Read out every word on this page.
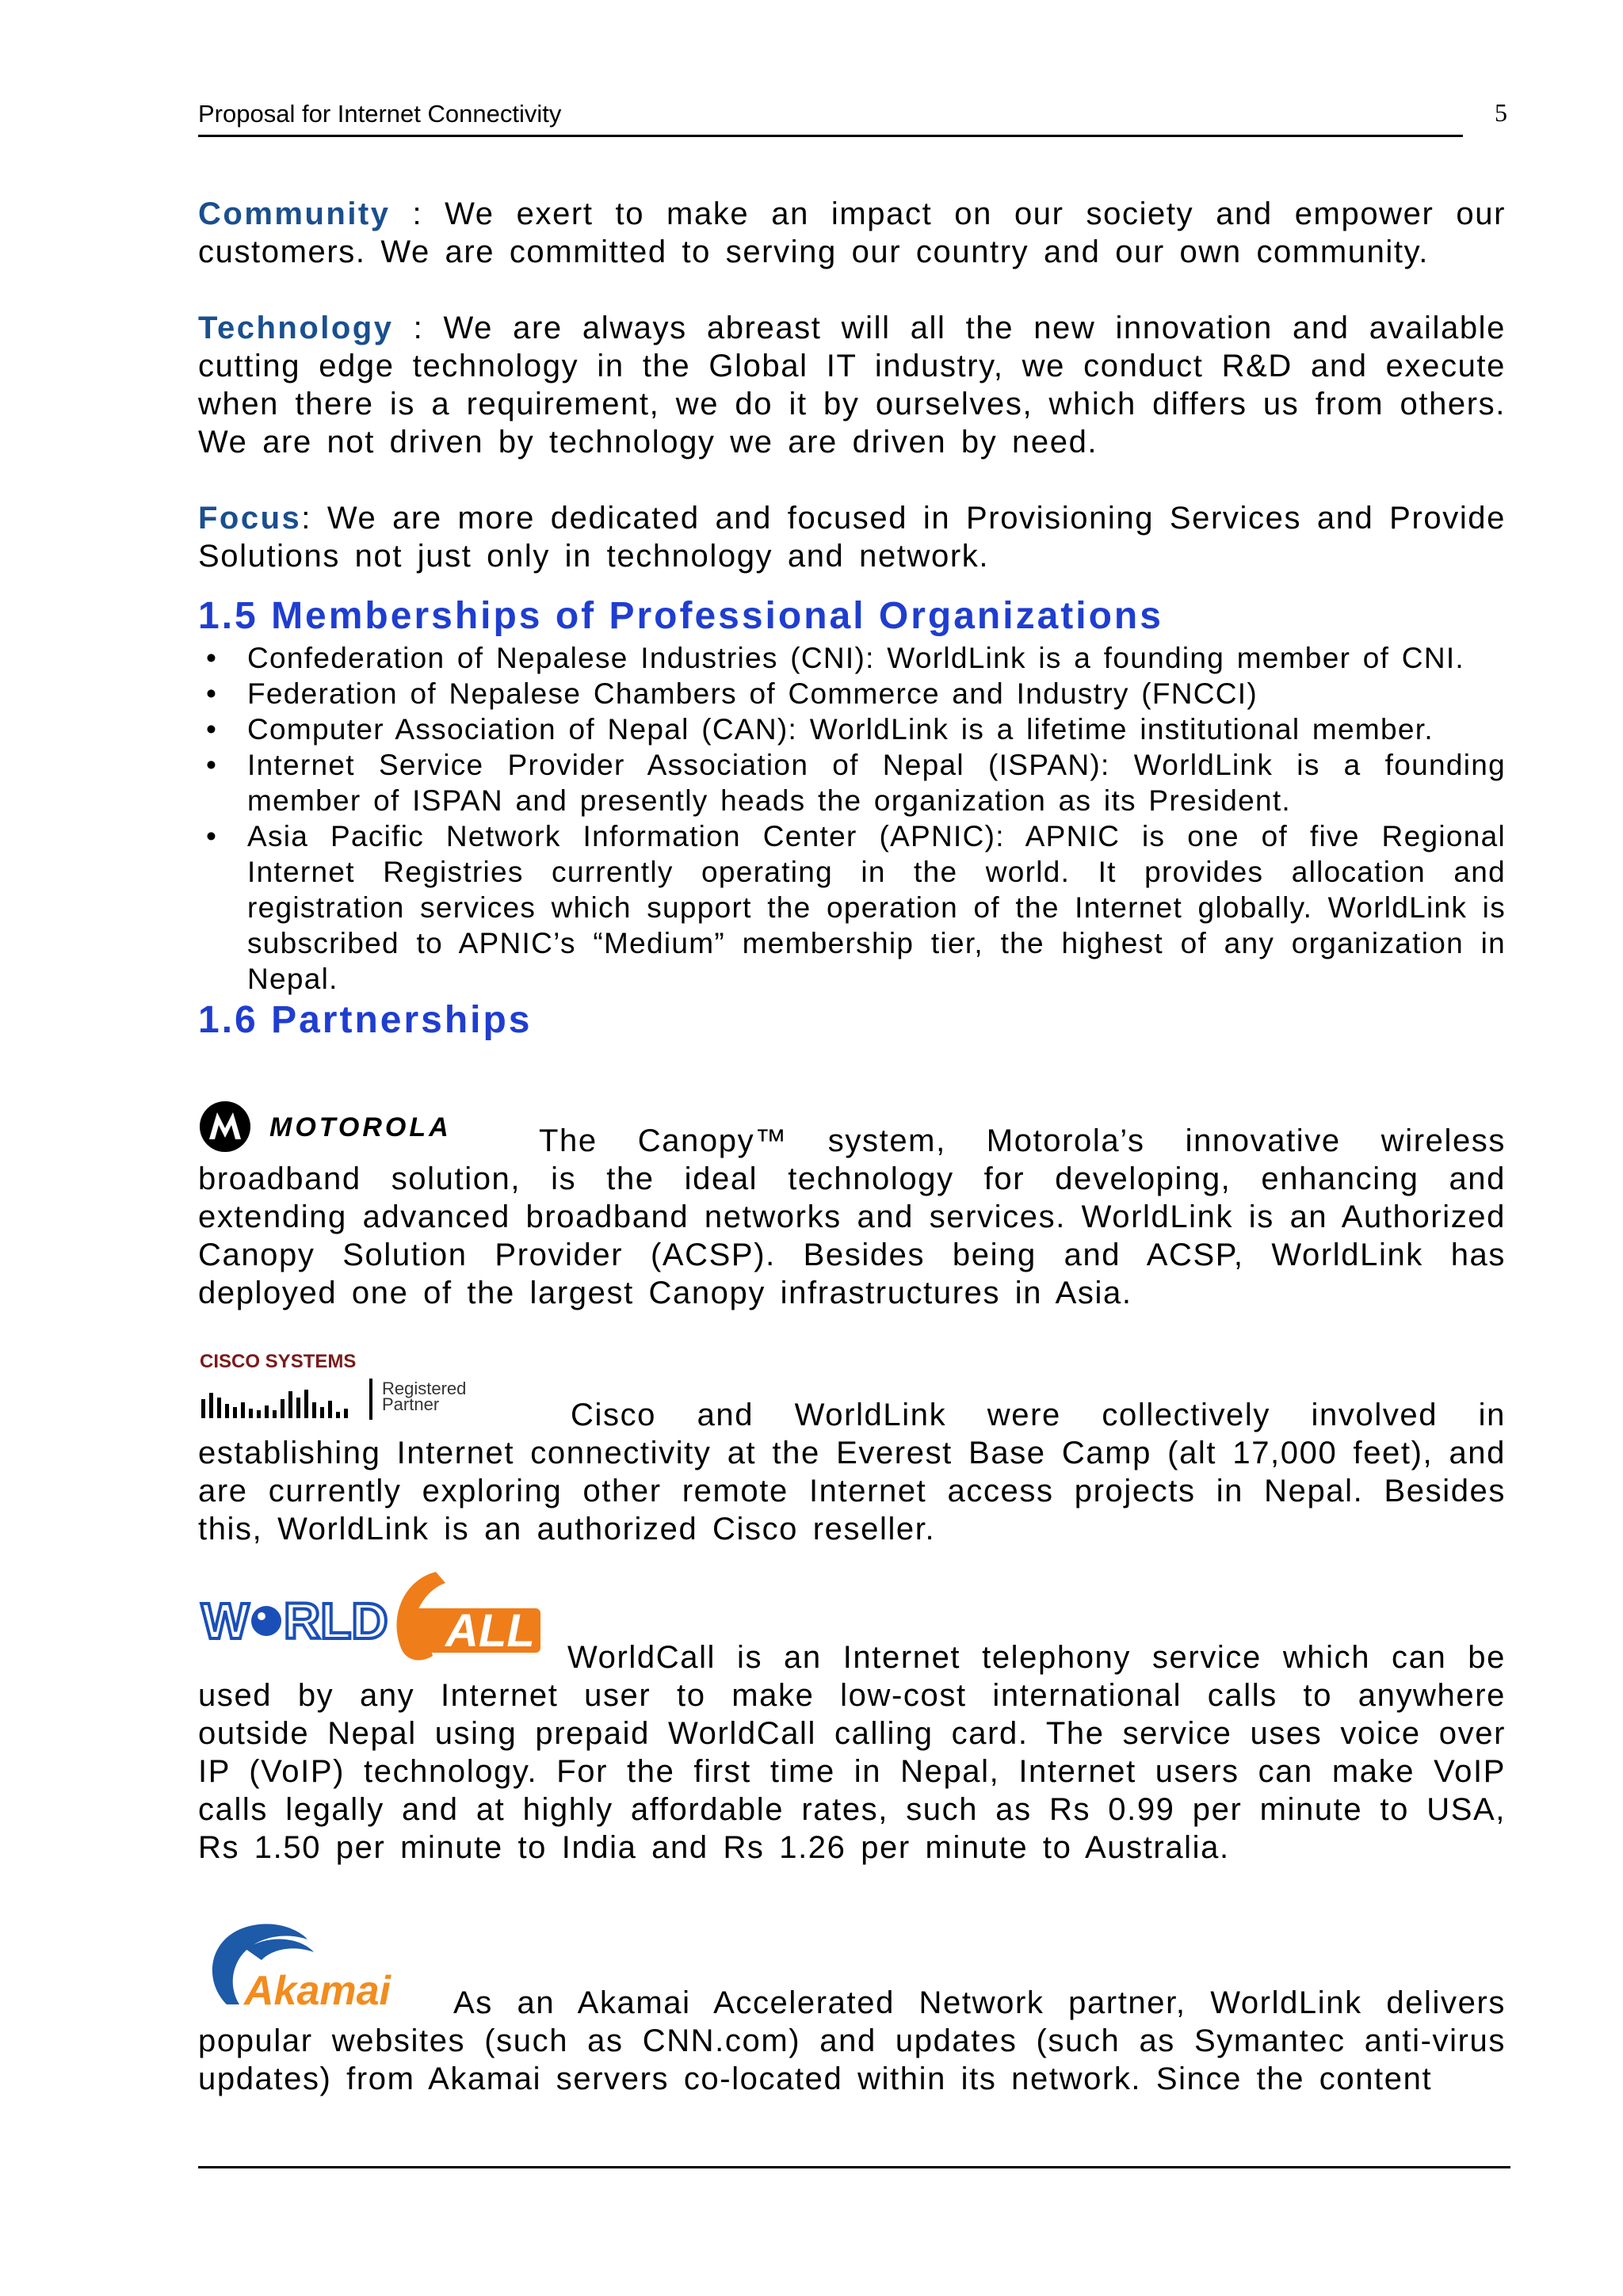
Proposal for Internet Connectivity	5

Community : We exert to make an impact on our society and empower our customers. We are committed to serving our country and our own community.

Technology : We are always abreast will all the new innovation and available cutting edge technology in the Global IT industry, we conduct R&D and execute when there is a requirement, we do it by ourselves, which differs us from others. We are not driven by technology we are driven by need.

Focus: We are more dedicated and focused in Provisioning Services and Provide Solutions not just only in technology and network.

1.5 Memberships of Professional Organizations
• Confederation of Nepalese Industries (CNI): WorldLink is a founding member of CNI.
• Federation of Nepalese Chambers of Commerce and Industry (FNCCI)
• Computer Association of Nepal (CAN): WorldLink is a lifetime institutional member.
• Internet Service Provider Association of Nepal (ISPAN): WorldLink is a founding member of ISPAN and presently heads the organization as its President.
• Asia Pacific Network Information Center (APNIC): APNIC is one of five Regional Internet Registries currently operating in the world. It provides allocation and registration services which support the operation of the Internet globally. WorldLink is subscribed to APNIC’s “Medium” membership tier, the highest of any organization in Nepal.
1.6 Partnerships
MOTOROLA	The Canopy™ system, Motorola’s innovative wireless broadband solution, is the ideal technology for developing, enhancing and extending advanced broadband networks and services. WorldLink is an Authorized Canopy Solution Provider (ACSP). Besides being and ACSP, WorldLink has deployed one of the largest Canopy infrastructures in Asia.

CISCO SYSTEMS
Registered
Partner	Cisco and WorldLink were collectively involved in establishing Internet connectivity at the Everest Base Camp (alt 17,000 feet), and are currently exploring other remote Internet access projects in Nepal. Besides this, WorldLink is an authorized Cisco reseller.

W RLD ALL

WorldCall is an Internet telephony service which can be used by any Internet user to make low-cost international calls to anywhere outside Nepal using prepaid WorldCall calling card. The service uses voice over IP (VoIP) technology. For the first time in Nepal, Internet users can make VoIP calls legally and at highly affordable rates, such as Rs 0.99 per minute to USA, Rs 1.50 per minute to India and Rs 1.26 per minute to Australia.

Akamai	As an Akamai Accelerated Network partner, WorldLink delivers popular websites (such as CNN.com) and updates (such as Symantec anti-virus updates) from Akamai servers co-located within its network. Since the content
